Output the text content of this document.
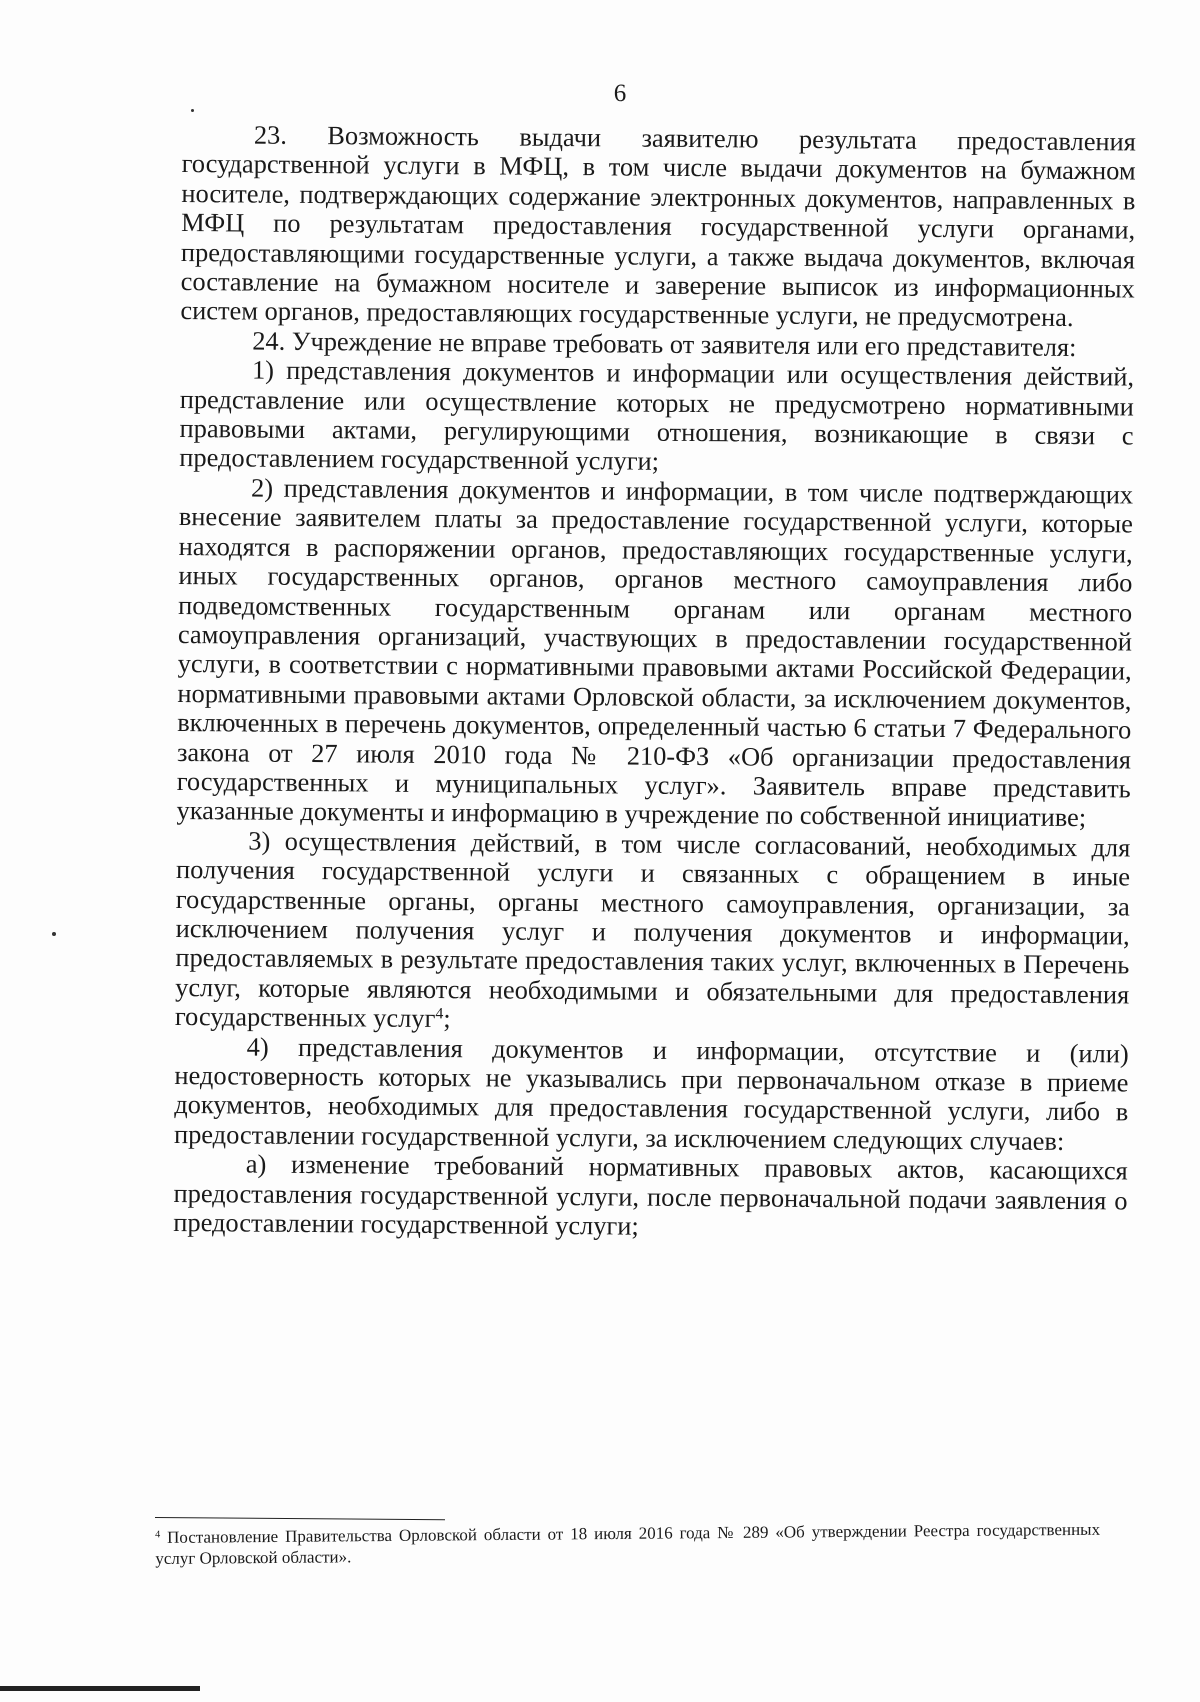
6

23. Возможность выдачи заявителю результата предоставления государственной услуги в МФЦ, в том числе выдачи документов на бумажном носителе, подтверждающих содержание электронных документов, направленных в МФЦ по результатам предоставления государственной услуги органами, предоставляющими государственные услуги, а также выдача документов, включая составление на бумажном носителе и заверение выписок из информационных систем органов, предоставляющих государственные услуги, не предусмотрена.

24. Учреждение не вправе требовать от заявителя или его представителя:

1) представления документов и информации или осуществления действий, представление или осуществление которых не предусмотрено нормативными правовыми актами, регулирующими отношения, возникающие в связи с предоставлением государственной услуги;

2) представления документов и информации, в том числе подтверждающих внесение заявителем платы за предоставление государственной услуги, которые находятся в распоряжении органов, предоставляющих государственные услуги, иных государственных органов, органов местного самоуправления либо подведомственных государственным органам или органам местного самоуправления организаций, участвующих в предоставлении государственной услуги, в соответствии с нормативными правовыми актами Российской Федерации, нормативными правовыми актами Орловской области, за исключением документов, включенных в перечень документов, определенный частью 6 статьи 7 Федерального закона от 27 июля 2010 года № 210-ФЗ «Об организации предоставления государственных и муниципальных услуг». Заявитель вправе представить указанные документы и информацию в учреждение по собственной инициативе;

3) осуществления действий, в том числе согласований, необходимых для получения государственной услуги и связанных с обращением в иные государственные органы, органы местного самоуправления, организации, за исключением получения услуг и получения документов и информации, предоставляемых в результате предоставления таких услуг, включенных в Перечень услуг, которые являются необходимыми и обязательными для предоставления государственных услуг$^4$;

4) представления документов и информации, отсутствие и (или) недостоверность которых не указывались при первоначальном отказе в приеме документов, необходимых для предоставления государственной услуги, либо в предоставлении государственной услуги, за исключением следующих случаев:

а) изменение требований нормативных правовых актов, касающихся предоставления государственной услуги, после первоначальной подачи заявления о предоставлении государственной услуги;

$^4$ Постановление Правительства Орловской области от 18 июля 2016 года № 289 «Об утверждении Реестра государственных услуг Орловской области».
